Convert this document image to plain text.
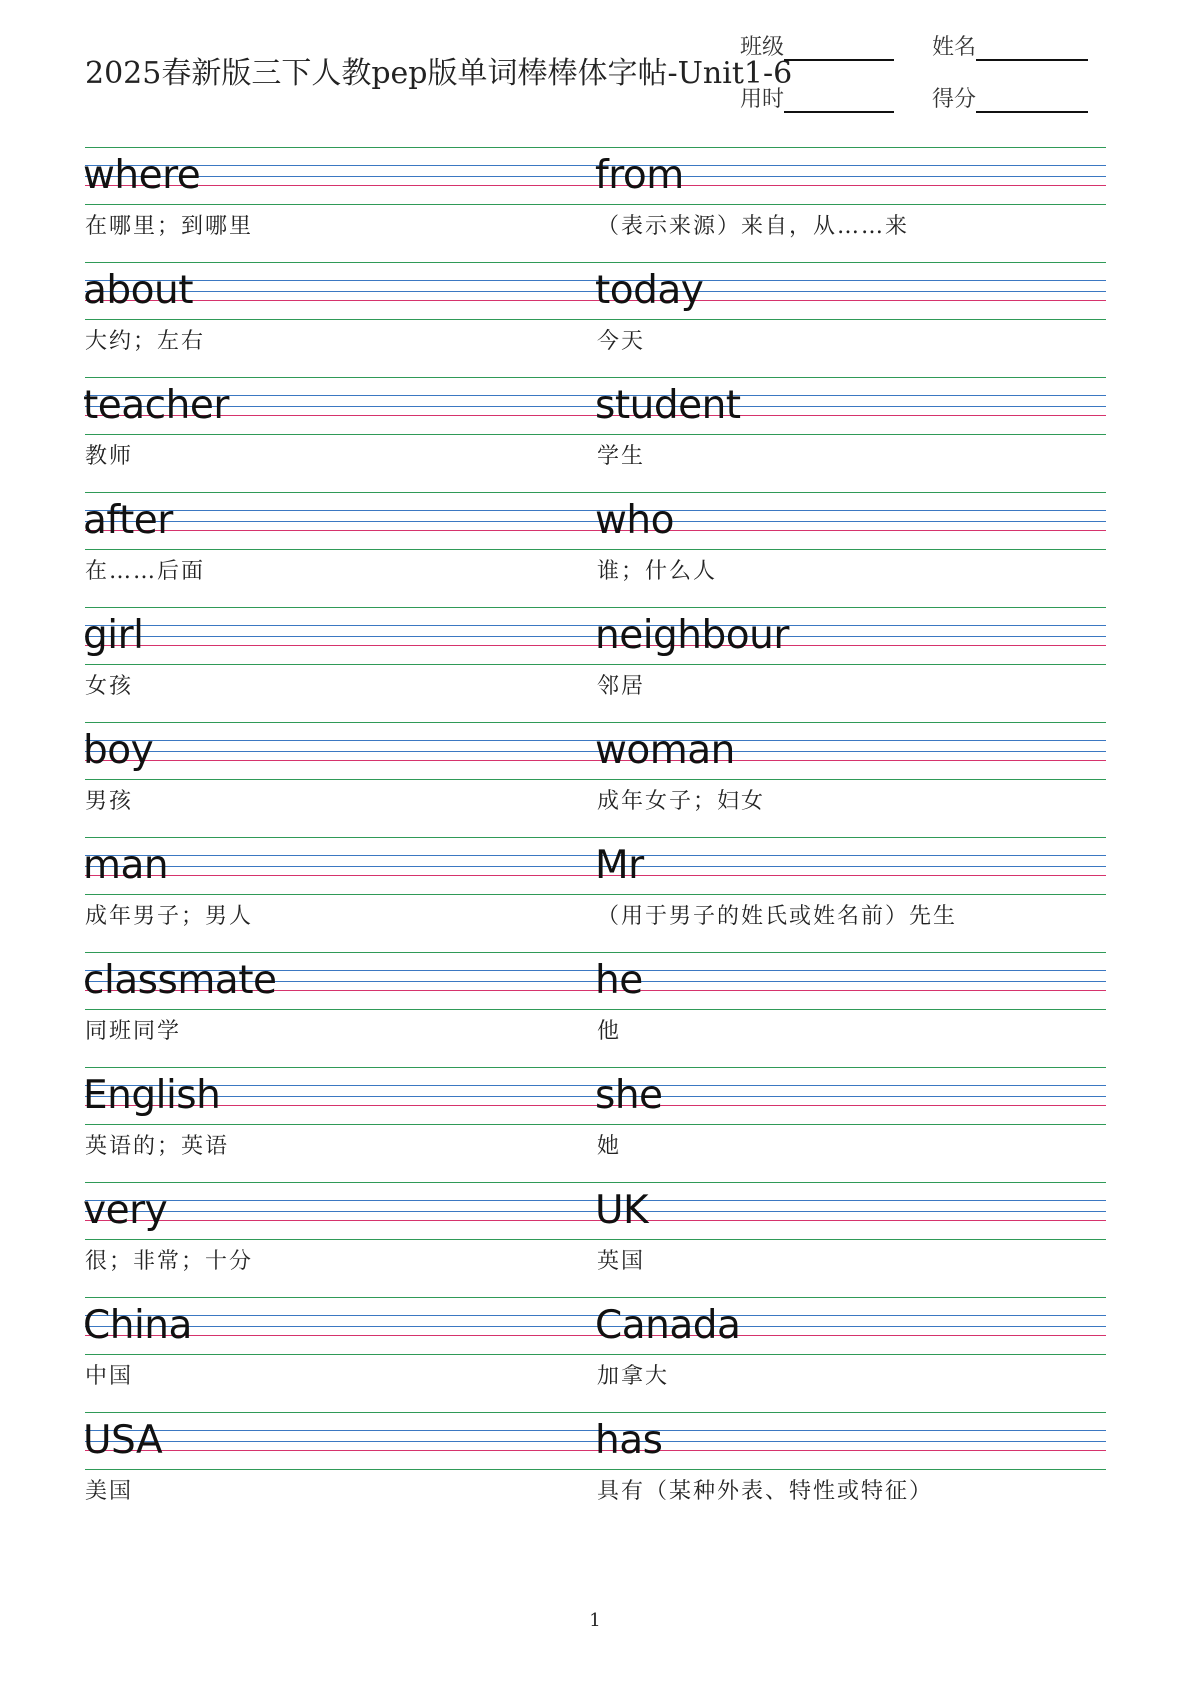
2025春新版三下人教pep版单词棒棒体字帖-Unit1-6
班级	姓名
用时	得分
where
在哪里；到哪里
from
（表示来源）来自，从……来
about
大约；左右
today
今天
teacher
教师
student
学生
after
在……后面
who
谁；什么人
girl
女孩
neighbour
邻居
boy
男孩
woman
成年女子；妇女
man
成年男子；男人
Mr
（用于男子的姓氏或姓名前）先生
classmate
同班同学
he
他
English
英语的；英语
she
她
very
很；非常；十分
UK
英国
China
中国
Canada
加拿大
USA
美国
has
具有（某种外表、特性或特征）
1
